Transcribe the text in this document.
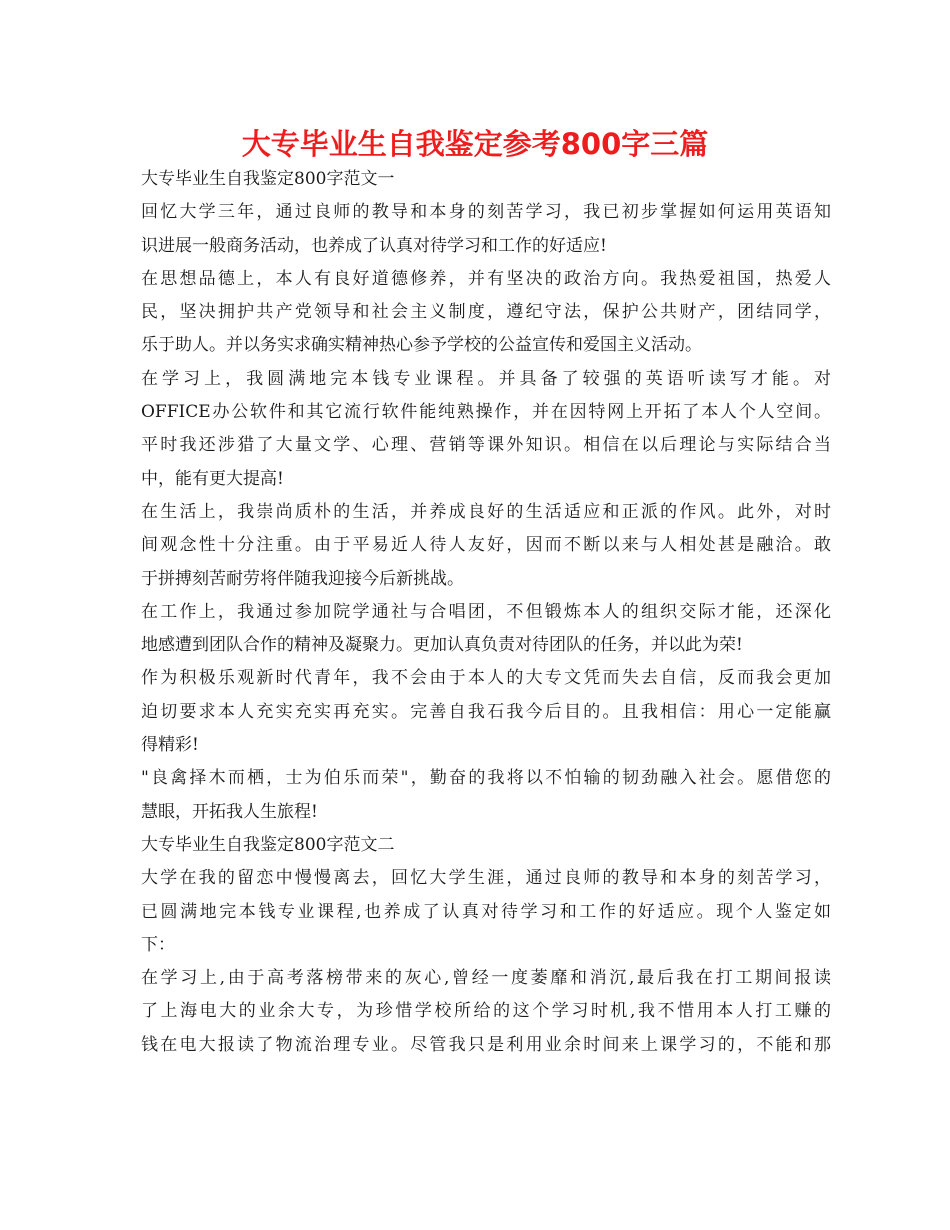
大专毕业生自我鉴定参考800字三篇
大专毕业生自我鉴定800字范文一
回忆大学三年，通过良师的教导和本身的刻苦学习，我已初步掌握如何运用英语知
识进展一般商务活动，也养成了认真对待学习和工作的好适应!
在思想品德上，本人有良好道德修养，并有坚决的政治方向。我热爱祖国，热爱人
民，坚决拥护共产党领导和社会主义制度，遵纪守法，保护公共财产，团结同学，
乐于助人。并以务实求确实精神热心参予学校的公益宣传和爱国主义活动。
在学习上，我圆满地完本钱专业课程。并具备了较强的英语听读写才能。对
OFFICE办公软件和其它流行软件能纯熟操作，并在因特网上开拓了本人个人空间。
平时我还涉猎了大量文学、心理、营销等课外知识。相信在以后理论与实际结合当
中，能有更大提高!
在生活上，我崇尚质朴的生活，并养成良好的生活适应和正派的作风。此外，对时
间观念性十分注重。由于平易近人待人友好，因而不断以来与人相处甚是融洽。敢
于拼搏刻苦耐劳将伴随我迎接今后新挑战。
在工作上，我通过参加院学通社与合唱团，不但锻炼本人的组织交际才能，还深化
地感遭到团队合作的精神及凝聚力。更加认真负责对待团队的任务，并以此为荣!
作为积极乐观新时代青年，我不会由于本人的大专文凭而失去自信，反而我会更加
迫切要求本人充实充实再充实。完善自我石我今后目的。且我相信：用心一定能赢
得精彩!
"良禽择木而栖，士为伯乐而荣"，勤奋的我将以不怕输的韧劲融入社会。愿借您的
慧眼，开拓我人生旅程!
大专毕业生自我鉴定800字范文二
大学在我的留恋中慢慢离去，回忆大学生涯，通过良师的教导和本身的刻苦学习，
已圆满地完本钱专业课程,也养成了认真对待学习和工作的好适应。现个人鉴定如
下：
在学习上,由于高考落榜带来的灰心,曾经一度萎靡和消沉,最后我在打工期间报读
了上海电大的业余大专，为珍惜学校所给的这个学习时机,我不惜用本人打工赚的
钱在电大报读了物流治理专业。尽管我只是利用业余时间来上课学习的，不能和那
